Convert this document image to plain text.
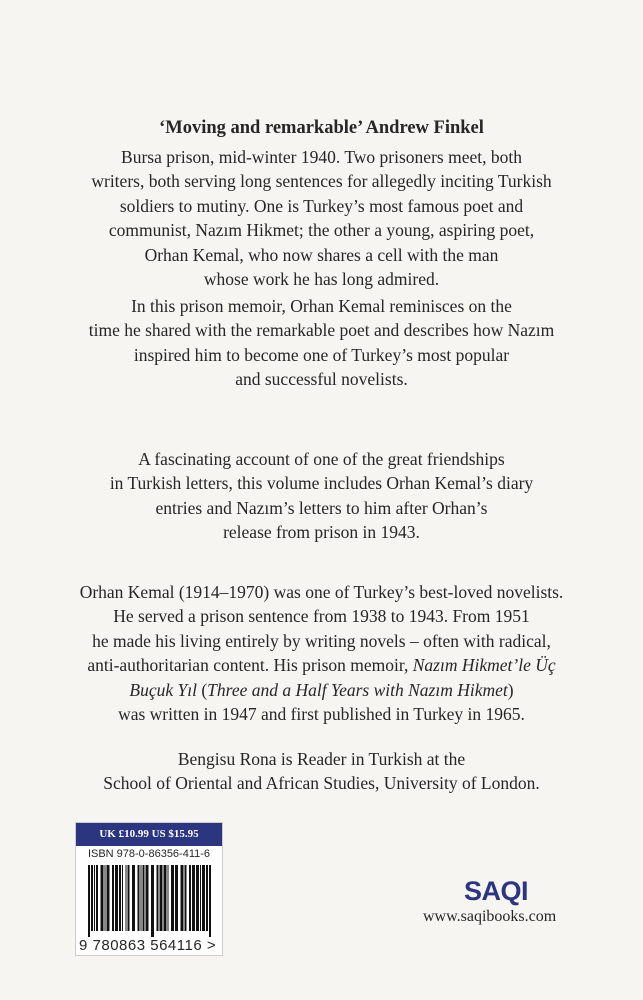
‘Moving and remarkable’ Andrew Finkel
Bursa prison, mid-winter 1940. Two prisoners meet, both
writers, both serving long sentences for allegedly inciting Turkish
soldiers to mutiny. One is Turkey’s most famous poet and
communist, Nazım Hikmet; the other a young, aspiring poet,
Orhan Kemal, who now shares a cell with the man
whose work he has long admired.
In this prison memoir, Orhan Kemal reminisces on the
time he shared with the remarkable poet and describes how Nazım
inspired him to become one of Turkey’s most popular
and successful novelists.
A fascinating account of one of the great friendships
in Turkish letters, this volume includes Orhan Kemal’s diary
entries and Nazım’s letters to him after Orhan’s
release from prison in 1943.
Orhan Kemal (1914–1970) was one of Turkey’s best-loved novelists.
He served a prison sentence from 1938 to 1943. From 1951
he made his living entirely by writing novels – often with radical,
anti-authoritarian content. His prison memoir, Nazım Hikmet’le Üç
Buçuk Yıl (Three and a Half Years with Nazım Hikmet)
was written in 1947 and first published in Turkey in 1965.
Bengisu Rona is Reader in Turkish at the
School of Oriental and African Studies, University of London.
UK £10.99 US $15.95
ISBN 978-0-86356-411-6
9 780863 564116 >
SAQI
www.saqibooks.com
